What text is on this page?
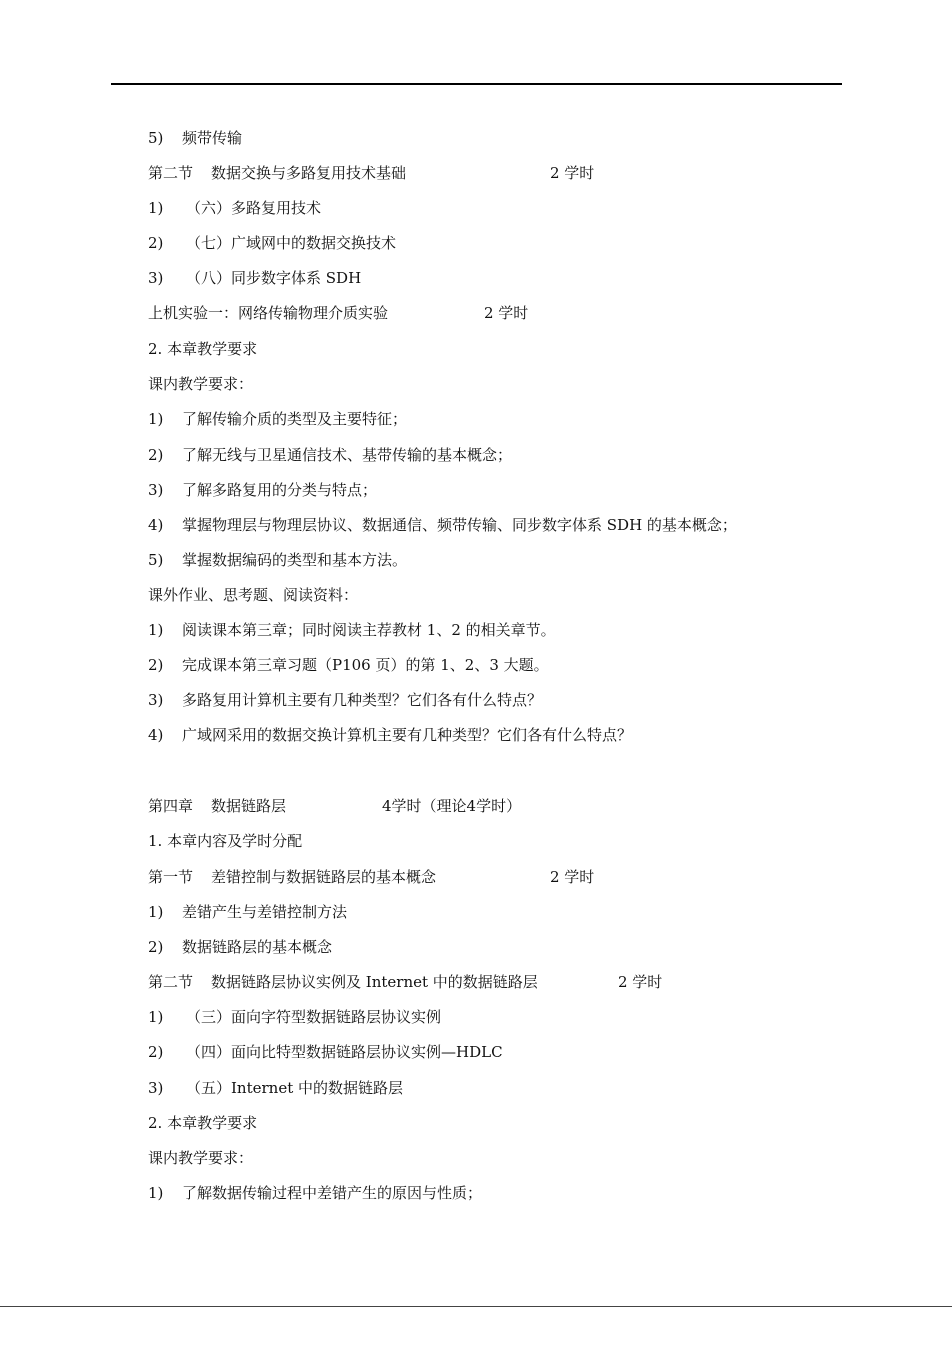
5) 频带传输
第二节 数据交换与多路复用技术基础	2 学时
1) （六）多路复用技术
2) （七）广域网中的数据交换技术
3) （八）同步数字体系 SDH
上机实验一：网络传输物理介质实验	2 学时
2. 本章教学要求
课内教学要求：
1) 了解传输介质的类型及主要特征；
2) 了解无线与卫星通信技术、基带传输的基本概念；
3) 了解多路复用的分类与特点；
4) 掌握物理层与物理层协议、数据通信、频带传输、同步数字体系 SDH 的基本概念；
5) 掌握数据编码的类型和基本方法。
课外作业、思考题、阅读资料：
1) 阅读课本第三章；同时阅读主荐教材 1、2 的相关章节。
2) 完成课本第三章习题（P106 页）的第 1、2、3 大题。
3) 多路复用计算机主要有几种类型？它们各有什么特点？
4) 广域网采用的数据交换计算机主要有几种类型？它们各有什么特点？
第四章 数据链路层	4学时（理论4学时）
1. 本章内容及学时分配
第一节 差错控制与数据链路层的基本概念	2 学时
1) 差错产生与差错控制方法
2) 数据链路层的基本概念
第二节 数据链路层协议实例及 Internet 中的数据链路层	2 学时
1) （三）面向字符型数据链路层协议实例
2) （四）面向比特型数据链路层协议实例—HDLC
3) （五）Internet 中的数据链路层
2. 本章教学要求
课内教学要求：
1) 了解数据传输过程中差错产生的原因与性质；
